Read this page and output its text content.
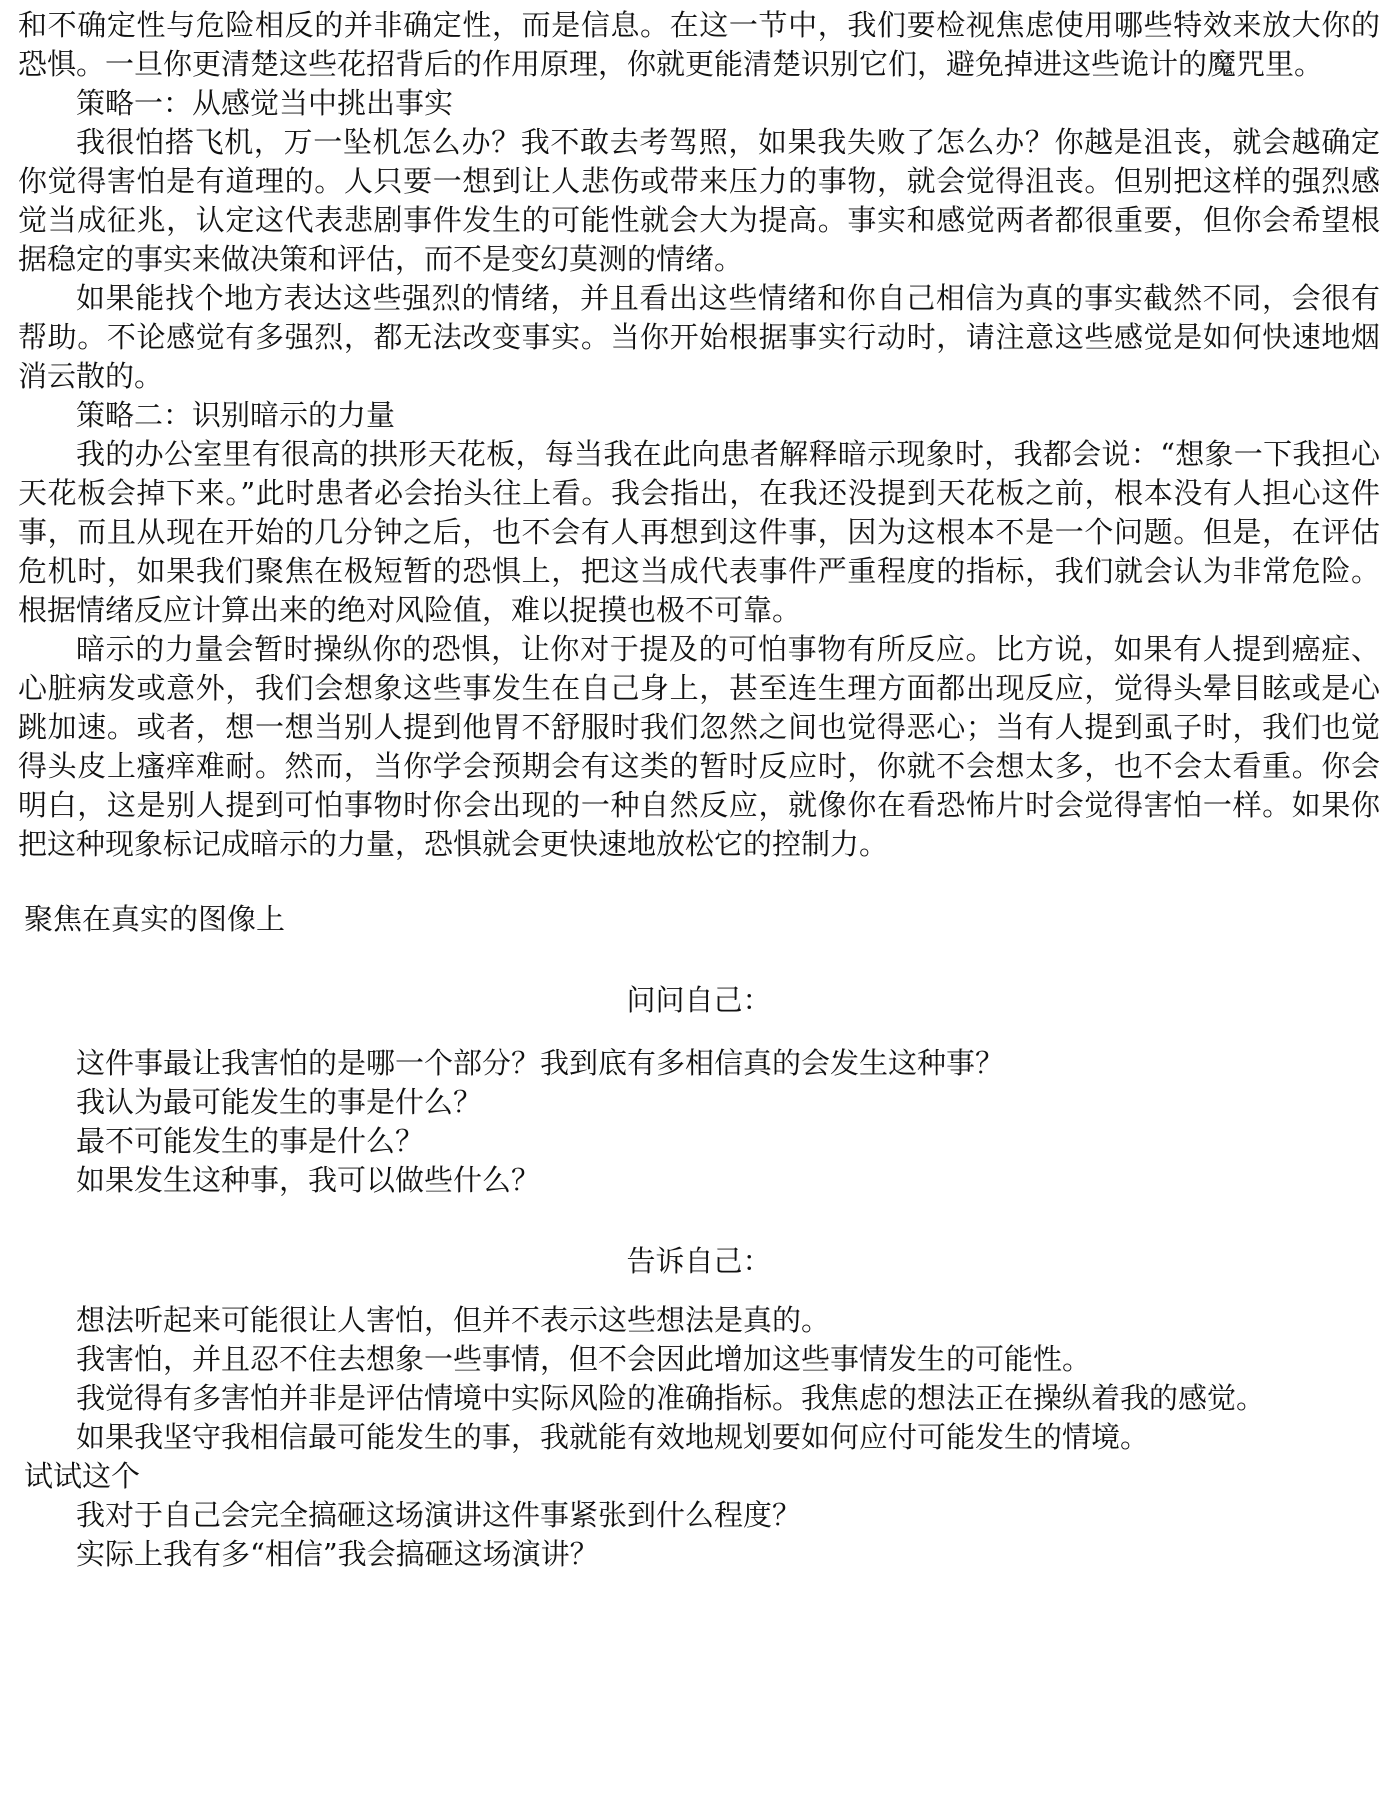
和不确定性与危险相反的并非确定性，而是信息。在这一节中，我们要检视焦虑使用哪些特效来放大你的恐惧。一旦你更清楚这些花招背后的作用原理，你就更能清楚识别它们，避免掉进这些诡计的魔咒里。

策略一：从感觉当中挑出事实

我很怕搭飞机，万一坠机怎么办？我不敢去考驾照，如果我失败了怎么办？你越是沮丧，就会越确定你觉得害怕是有道理的。人只要一想到让人悲伤或带来压力的事物，就会觉得沮丧。但别把这样的强烈感觉当成征兆，认定这代表悲剧事件发生的可能性就会大为提高。事实和感觉两者都很重要，但你会希望根据稳定的事实来做决策和评估，而不是变幻莫测的情绪。

如果能找个地方表达这些强烈的情绪，并且看出这些情绪和你自己相信为真的事实截然不同，会很有帮助。不论感觉有多强烈，都无法改变事实。当你开始根据事实行动时，请注意这些感觉是如何快速地烟消云散的。

策略二：识别暗示的力量

我的办公室里有很高的拱形天花板，每当我在此向患者解释暗示现象时，我都会说：“想象一下我担心天花板会掉下来。”此时患者必会抬头往上看。我会指出，在我还没提到天花板之前，根本没有人担心这件事，而且从现在开始的几分钟之后，也不会有人再想到这件事，因为这根本不是一个问题。但是，在评估危机时，如果我们聚焦在极短暂的恐惧上，把这当成代表事件严重程度的指标，我们就会认为非常危险。根据情绪反应计算出来的绝对风险值，难以捉摸也极不可靠。

暗示的力量会暂时操纵你的恐惧，让你对于提及的可怕事物有所反应。比方说，如果有人提到癌症、心脏病发或意外，我们会想象这些事发生在自己身上，甚至连生理方面都出现反应，觉得头晕目眩或是心跳加速。或者，想一想当别人提到他胃不舒服时我们忽然之间也觉得恶心；当有人提到虱子时，我们也觉得头皮上瘙痒难耐。然而，当你学会预期会有这类的暂时反应时，你就不会想太多，也不会太看重。你会明白，这是别人提到可怕事物时你会出现的一种自然反应，就像你在看恐怖片时会觉得害怕一样。如果你把这种现象标记成暗示的力量，恐惧就会更快速地放松它的控制力。

聚焦在真实的图像上

问问自己：

这件事最让我害怕的是哪一个部分？我到底有多相信真的会发生这种事？
我认为最可能发生的事是什么？
最不可能发生的事是什么？
如果发生这种事，我可以做些什么？

告诉自己：

想法听起来可能很让人害怕，但并不表示这些想法是真的。
我害怕，并且忍不住去想象一些事情，但不会因此增加这些事情发生的可能性。
我觉得有多害怕并非是评估情境中实际风险的准确指标。我焦虑的想法正在操纵着我的感觉。
如果我坚守我相信最可能发生的事，我就能有效地规划要如何应付可能发生的情境。

试试这个

我对于自己会完全搞砸这场演讲这件事紧张到什么程度？
实际上我有多“相信”我会搞砸这场演讲？
